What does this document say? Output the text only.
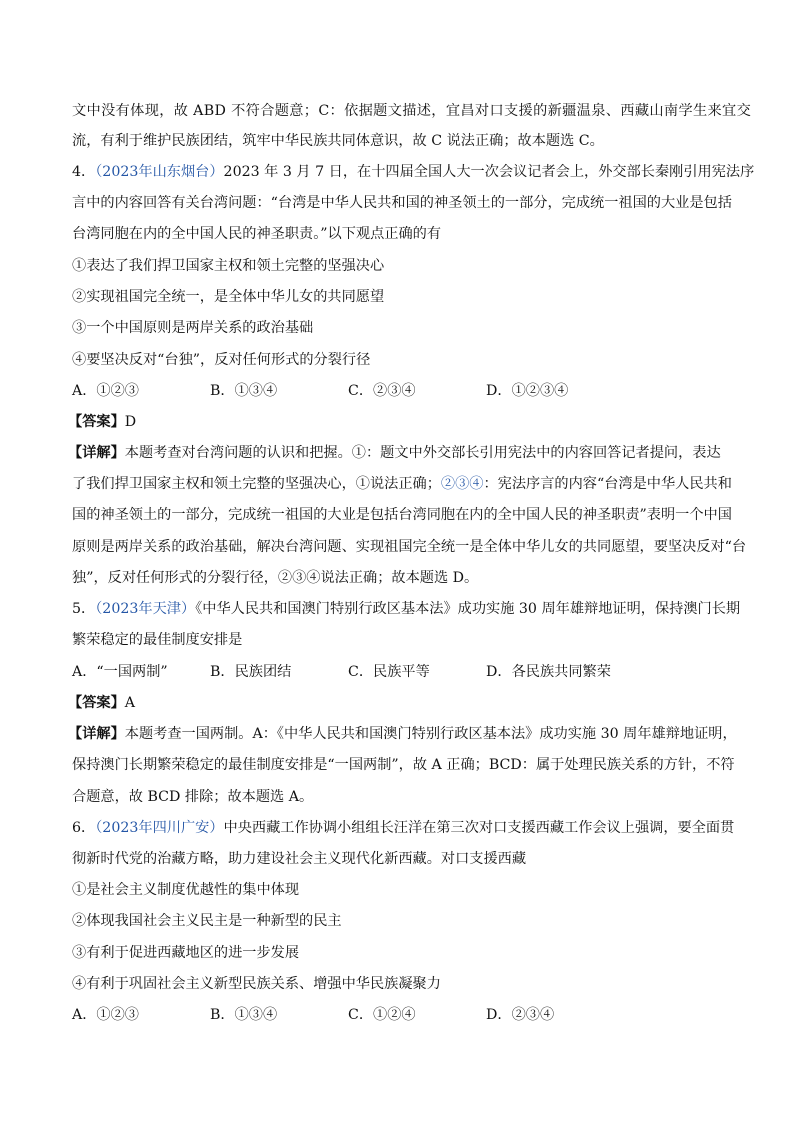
文中没有体现，故 ABD 不符合题意；C：依据题文描述，宜昌对口支援的新疆温泉、西藏山南学生来宜交
流，有利于维护民族团结，筑牢中华民族共同体意识，故 C 说法正确；故本题选 C。
4．（2023年山东烟台）2023 年 3 月 7 日，在十四届全国人大一次会议记者会上，外交部长秦刚引用宪法序
言中的内容回答有关台湾问题：“台湾是中华人民共和国的神圣领土的一部分，完成统一祖国的大业是包括
台湾同胞在内的全中国人民的神圣职责。”以下观点正确的有
①表达了我们捍卫国家主权和领土完整的坚强决心
②实现祖国完全统一，是全体中华儿女的共同愿望
③一个中国原则是两岸关系的政治基础
④要坚决反对“台独”，反对任何形式的分裂行径
A．①②③	B．①③④	C．②③④	D．①②③④
【答案】D
【详解】本题考查对台湾问题的认识和把握。①：题文中外交部长引用宪法中的内容回答记者提问，表达
了我们捍卫国家主权和领土完整的坚强决心，①说法正确；②③④：宪法序言的内容“台湾是中华人民共和
国的神圣领土的一部分，完成统一祖国的大业是包括台湾同胞在内的全中国人民的神圣职责”表明一个中国
原则是两岸关系的政治基础，解决台湾问题、实现祖国完全统一是全体中华儿女的共同愿望，要坚决反对“台
独”，反对任何形式的分裂行径，②③④说法正确；故本题选 D。
5．（2023年天津）《中华人民共和国澳门特别行政区基本法》成功实施 30 周年雄辩地证明，保持澳门长期
繁荣稳定的最佳制度安排是
A．“一国两制”	B．民族团结	C．民族平等	D．各民族共同繁荣
【答案】A
【详解】本题考查一国两制。A：《中华人民共和国澳门特别行政区基本法》成功实施 30 周年雄辩地证明，
保持澳门长期繁荣稳定的最佳制度安排是“一国两制”，故 A 正确；BCD：属于处理民族关系的方针，不符
合题意，故 BCD 排除；故本题选 A。
6．（2023年四川广安）中央西藏工作协调小组组长汪洋在第三次对口支援西藏工作会议上强调，要全面贯
彻新时代党的治藏方略，助力建设社会主义现代化新西藏。对口支援西藏
①是社会主义制度优越性的集中体现
②体现我国社会主义民主是一种新型的民主
③有利于促进西藏地区的进一步发展
④有利于巩固社会主义新型民族关系、增强中华民族凝聚力
A．①②③	B．①③④	C．①②④	D．②③④
